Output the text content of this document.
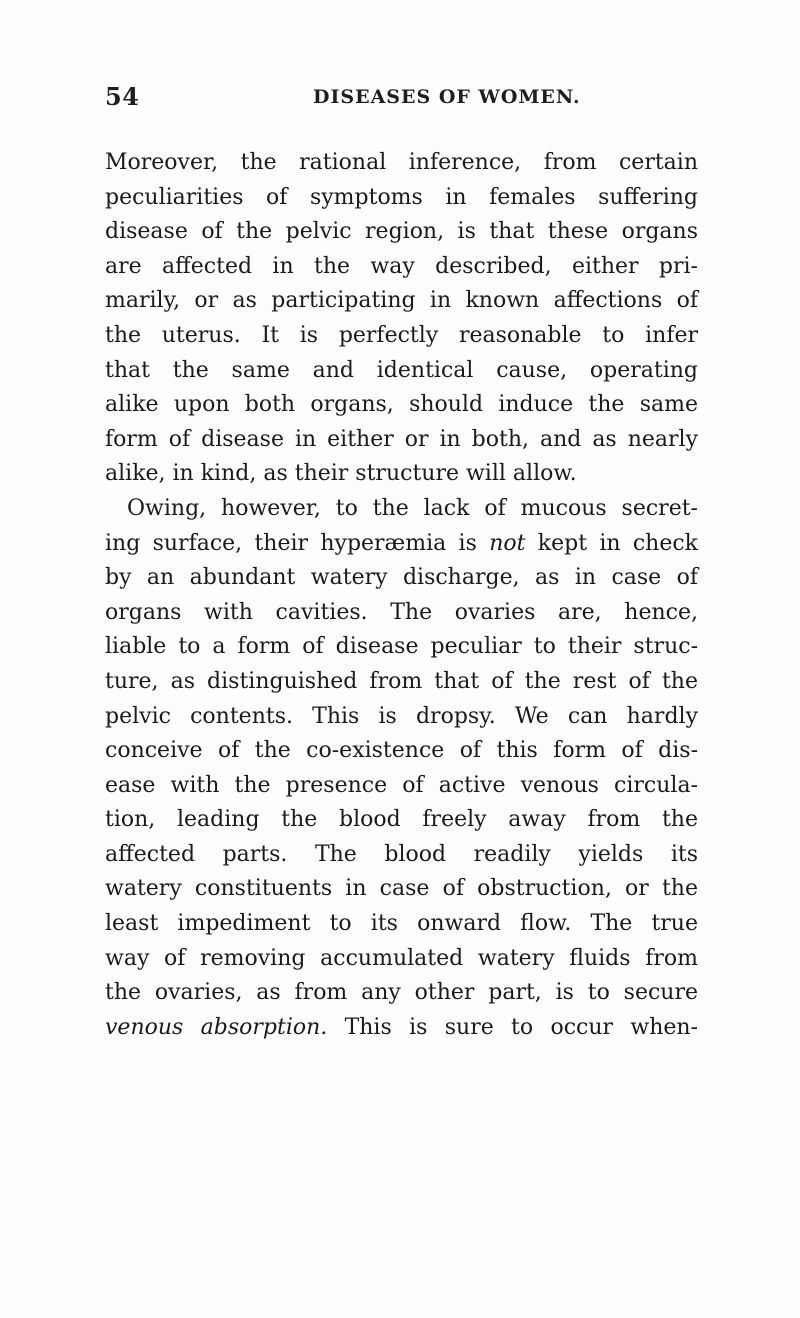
54	DISEASES OF WOMEN.

Moreover, the rational inference, from certain

peculiarities of symptoms in females suffering

disease of the pelvic region, is that these organs

are affected in the way described, either pri-

marily, or as participating in known affections of

the uterus. It is perfectly reasonable to infer

that the same and identical cause, operating

alike upon both organs, should induce the same

form of disease in either or in both, and as nearly

alike, in kind, as their structure will allow.

Owing, however, to the lack of mucous secret-

ing surface, their hyperæmia is not kept in check

by an abundant watery discharge, as in case of

organs with cavities. The ovaries are, hence,

liable to a form of disease peculiar to their struc-

ture, as distinguished from that of the rest of the

pelvic contents. This is dropsy. We can hardly

conceive of the co-existence of this form of dis-

ease with the presence of active venous circula-

tion, leading the blood freely away from the

affected parts. The blood readily yields its

watery constituents in case of obstruction, or the

least impediment to its onward flow. The true

way of removing accumulated watery fluids from

the ovaries, as from any other part, is to secure

venous absorption. This is sure to occur when-
